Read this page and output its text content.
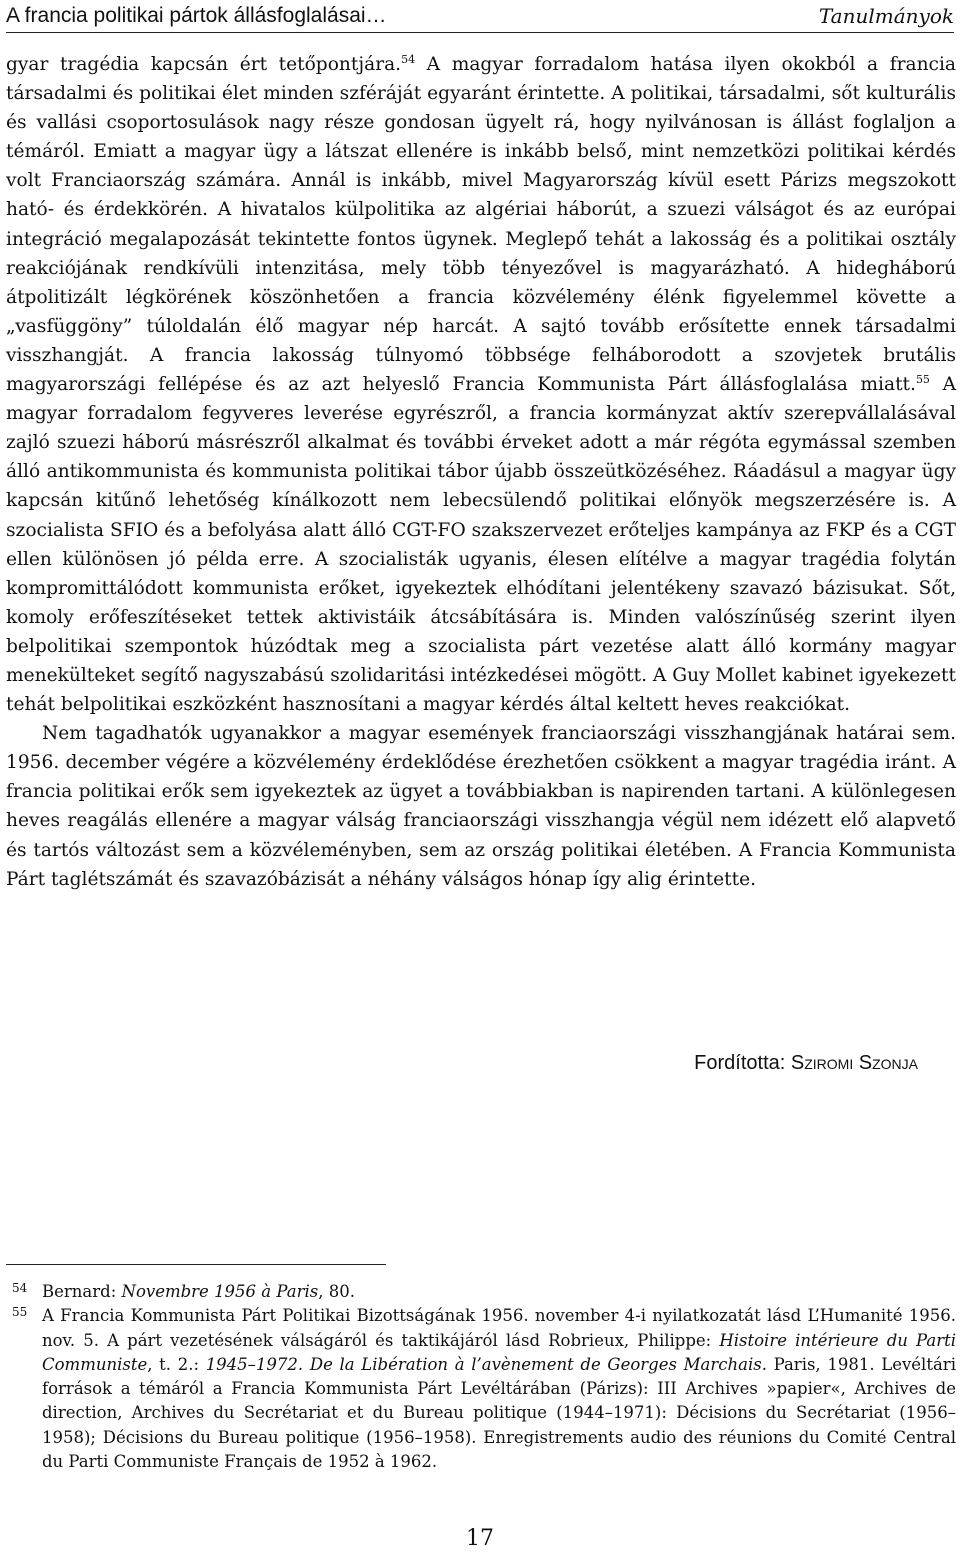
A francia politikai pártok állásfoglalásai…	Tanulmányok

gyar tragédia kapcsán ért tetőpontjára.$^{54}$ A magyar forradalom hatása ilyen okokból a francia társadalmi és politikai élet minden szféráját egyaránt érintette. A politikai, társadalmi, sőt kulturális és vallási csoportosulások nagy része gondosan ügyelt rá, hogy nyilvánosan is állást foglaljon a témáról. Emiatt a magyar ügy a látszat ellenére is inkább belső, mint nemzetközi politikai kérdés volt Franciaország számára. Annál is inkább, mivel Magyarország kívül esett Párizs megszokott ható- és érdekkörén. A hivatalos külpolitika az algériai háborút, a szuezi válságot és az európai integráció megalapozását tekintette fontos ügynek. Meglepő tehát a lakosság és a politikai osztály reakciójának rendkívüli intenzitása, mely több tényezővel is magyarázható. A hidegháború átpolitizált légkörének köszönhetően a francia közvélemény élénk figyelemmel követte a „vasfüggöny” túloldalán élő magyar nép harcát. A sajtó tovább erősítette ennek társadalmi visszhangját. A francia lakosság túlnyomó többsége felháborodott a szovjetek brutális magyarországi fellépése és az azt helyeslő Francia Kommunista Párt állásfoglalása miatt.$^{55}$ A magyar forradalom fegyveres leverése egyrészről, a francia kormányzat aktív szerepvállalásával zajló szuezi háború másrészről alkalmat és további érveket adott a már régóta egymással szemben álló antikommunista és kommunista politikai tábor újabb összeütközéséhez. Ráadásul a magyar ügy kapcsán kitűnő lehetőség kínálkozott nem lebecsülendő politikai előnyök megszerzésére is. A szocialista SFIO és a befolyása alatt álló CGT-FO szakszervezet erőteljes kampánya az FKP és a CGT ellen különösen jó példa erre. A szocialisták ugyanis, élesen elítélve a magyar tragédia folytán kompromittálódott kommunista erőket, igyekeztek elhódítani jelentékeny szavazó bázisukat. Sőt, komoly erőfeszítéseket tettek aktivistáik átcsábítására is. Minden valószínűség szerint ilyen belpolitikai szempontok húzódtak meg a szocialista párt vezetése alatt álló kormány magyar menekülteket segítő nagyszabású szolidaritási intézkedései mögött. A Guy Mollet kabinet igyekezett tehát belpolitikai eszközként hasznosítani a magyar kérdés által keltett heves reakciókat.

Nem tagadhatók ugyanakkor a magyar események franciaországi visszhangjának határai sem. 1956. december végére a közvélemény érdeklődése érezhetően csökkent a magyar tragédia iránt. A francia politikai erők sem igyekeztek az ügyet a továbbiakban is napirenden tartani. A különlegesen heves reagálás ellenére a magyar válság franciaországi visszhangja végül nem idézett elő alapvető és tartós változást sem a közvéleményben, sem az ország politikai életében. A Francia Kommunista Párt taglétszámát és szavazóbázisát a néhány válságos hónap így alig érintette.

Fordította: Sziromi Szonja
54 Bernard: Novembre 1956 à Paris, 80.
55 A Francia Kommunista Párt Politikai Bizottságának 1956. november 4-i nyilatkozatát lásd L’Humanité 1956. nov. 5. A párt vezetésének válságáról és taktikájáról lásd Robrieux, Philippe: Histoire intérieure du Parti Communiste, t. 2.: 1945–1972. De la Libération à l’avènement de Georges Marchais. Paris, 1981. Levéltári források a témáról a Francia Kommunista Párt Levéltárában (Párizs): III Archives »papier«, Archives de direction, Archives du Secrétariat et du Bureau politique (1944–1971): Décisions du Secrétariat (1956–1958); Décisions du Bureau politique (1956–1958). Enregistrements audio des réunions du Comité Central du Parti Communiste Français de 1952 à 1962.
17
